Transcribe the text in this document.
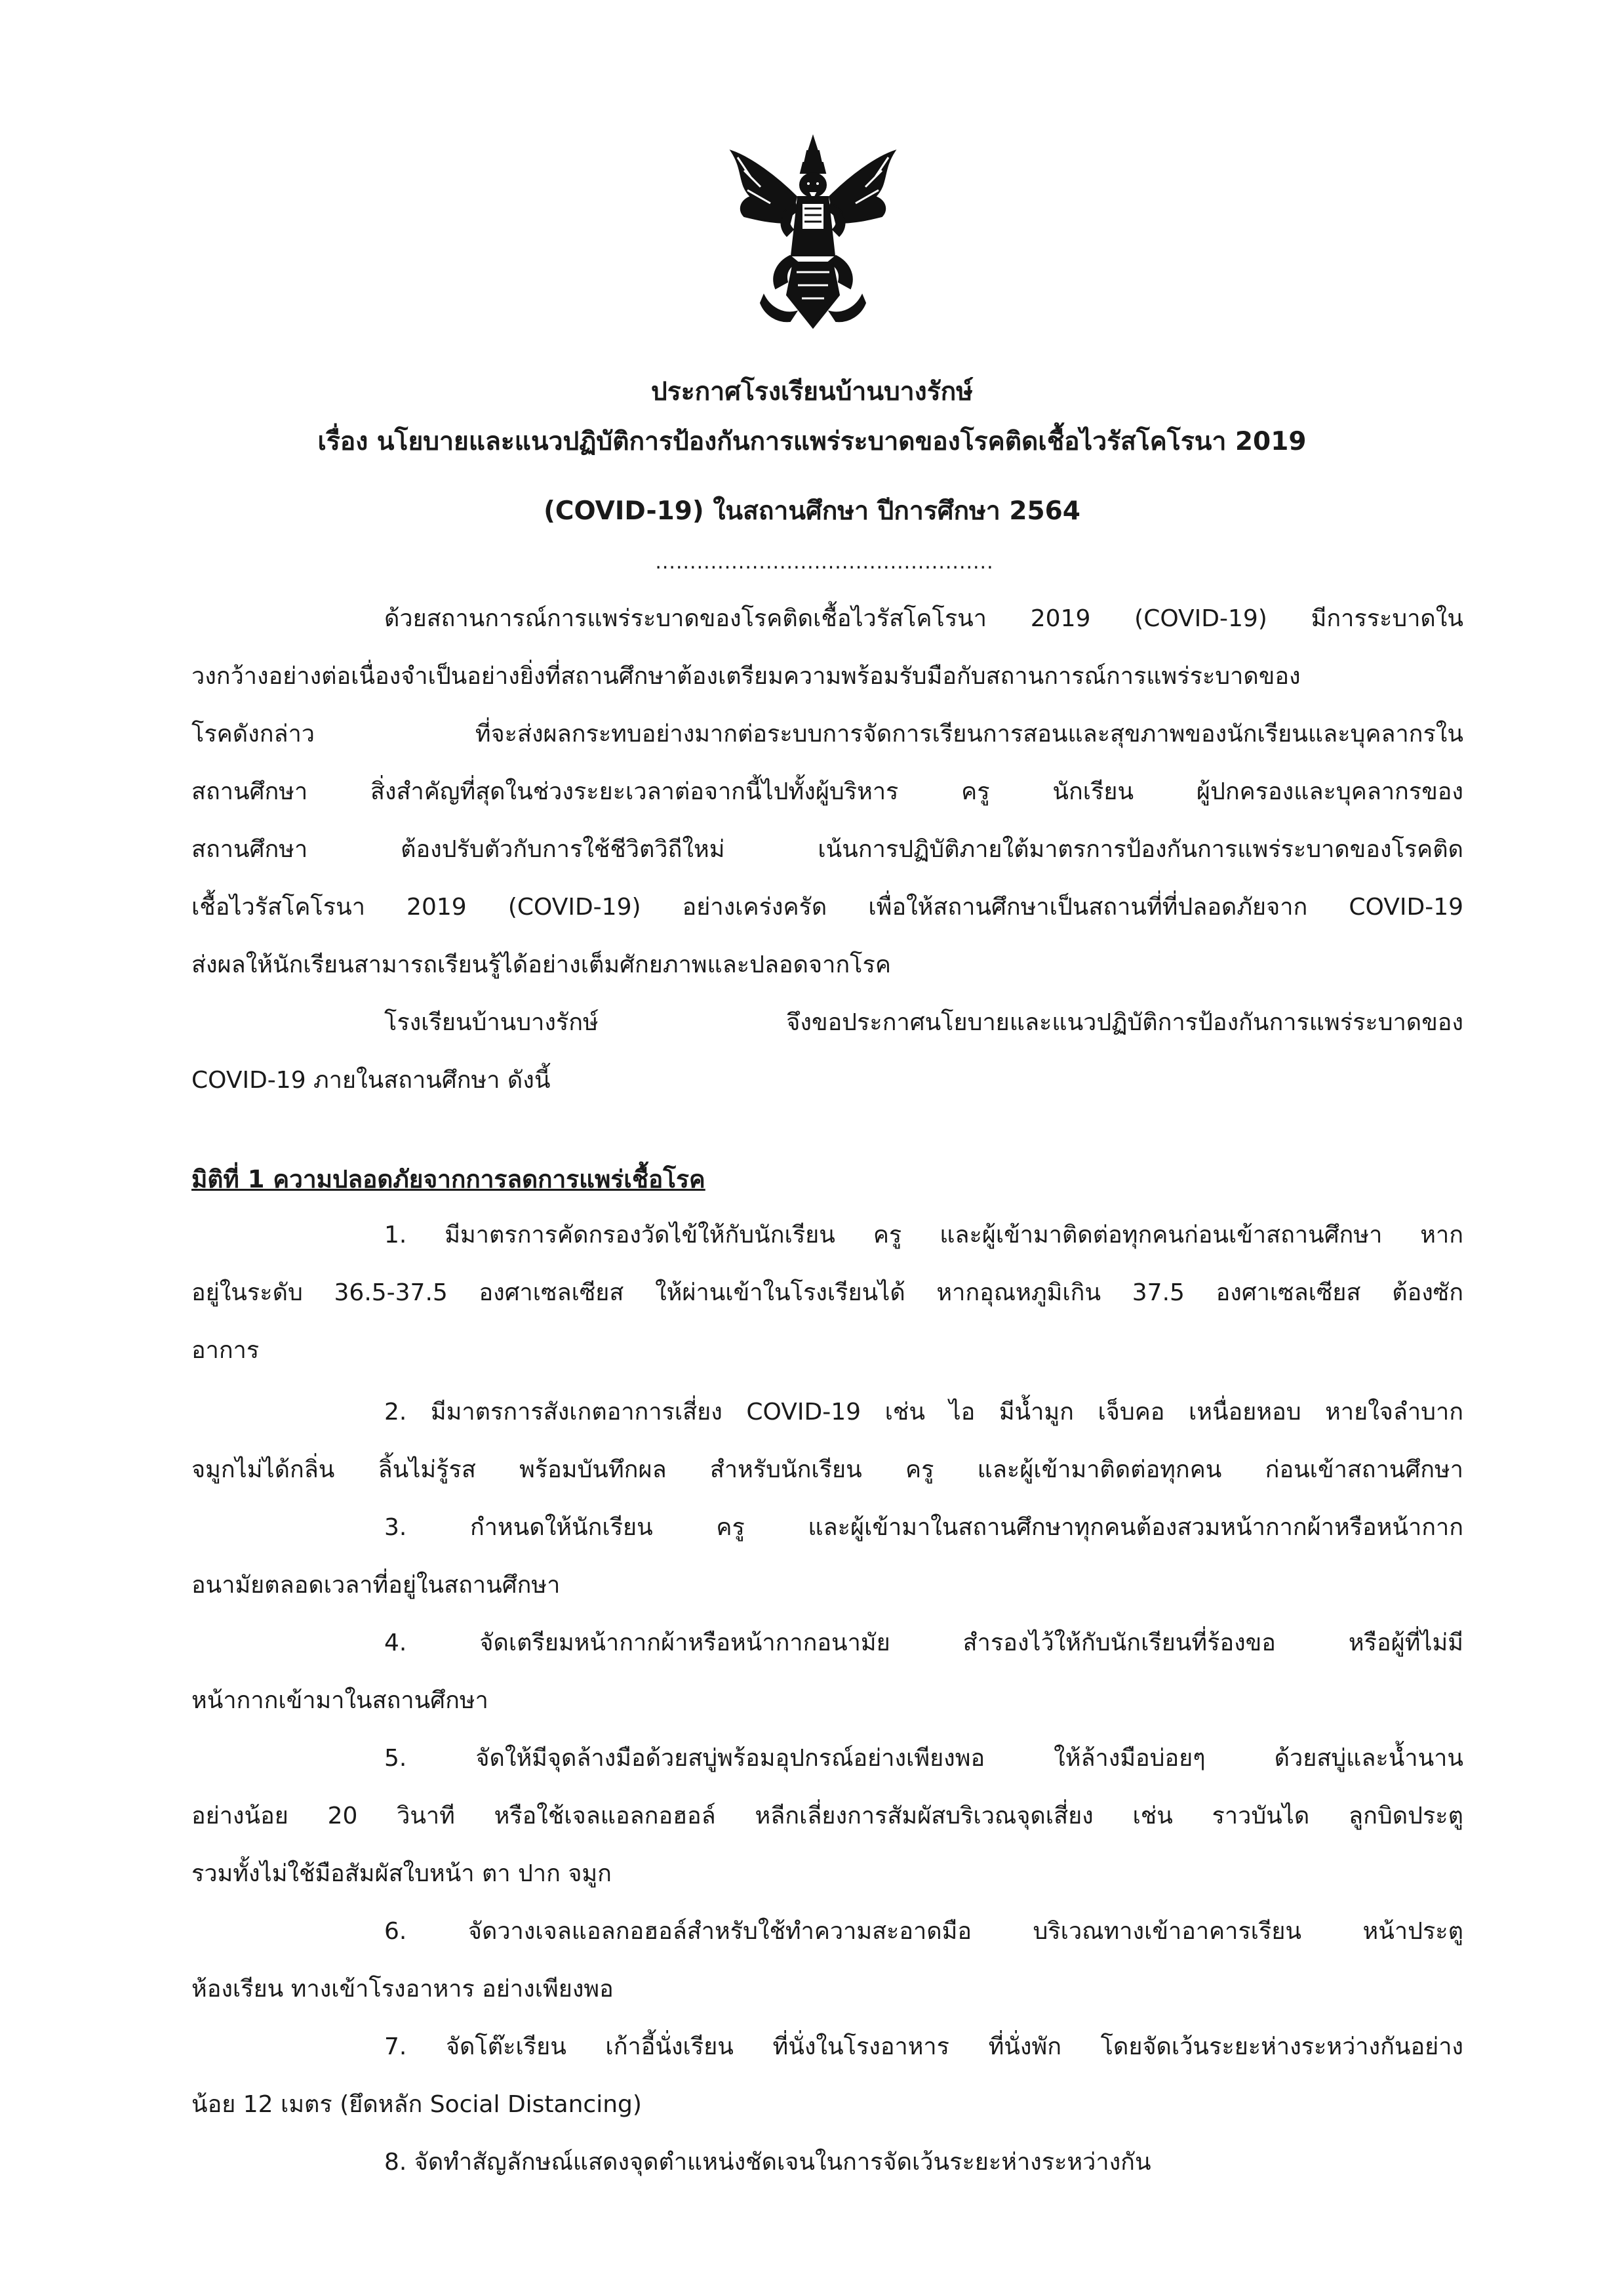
ประกาศโรงเรียนบ้านบางรักษ์
เรื่อง นโยบายและแนวปฏิบัติการป้องกันการแพร่ระบาดของโรคติดเชื้อไวรัสโคโรนา 2019
(COVID-19) ในสถานศึกษา ปีการศึกษา 2564
.................................................
ด้วยสถานการณ์การแพร่ระบาดของโรคติดเชื้อไวรัสโคโรนา 2019 (COVID-19) มีการระบาดใน
วงกว้างอย่างต่อเนื่องจำเป็นอย่างยิ่งที่สถานศึกษาต้องเตรียมความพร้อมรับมือกับสถานการณ์การแพร่ระบาดของ
โรคดังกล่าว ที่จะส่งผลกระทบอย่างมากต่อระบบการจัดการเรียนการสอนและสุขภาพของนักเรียนและบุคลากรใน
สถานศึกษา สิ่งสำคัญที่สุดในช่วงระยะเวลาต่อจากนี้ไปทั้งผู้บริหาร ครู นักเรียน ผู้ปกครองและบุคลากรของ
สถานศึกษา ต้องปรับตัวกับการใช้ชีวิตวิถีใหม่ เน้นการปฏิบัติภายใต้มาตรการป้องกันการแพร่ระบาดของโรคติด
เชื้อไวรัสโคโรนา 2019 (COVID-19) อย่างเคร่งครัด เพื่อให้สถานศึกษาเป็นสถานที่ที่ปลอดภัยจาก COVID-19
ส่งผลให้นักเรียนสามารถเรียนรู้ได้อย่างเต็มศักยภาพและปลอดจากโรค
โรงเรียนบ้านบางรักษ์ จึงขอประกาศนโยบายและแนวปฏิบัติการป้องกันการแพร่ระบาดของ
COVID-19 ภายในสถานศึกษา ดังนี้
มิติที่ 1 ความปลอดภัยจากการลดการแพร่เชื้อโรค
1. มีมาตรการคัดกรองวัดไข้ให้กับนักเรียน ครู และผู้เข้ามาติดต่อทุกคนก่อนเข้าสถานศึกษา หาก
อยู่ในระดับ 36.5-37.5 องศาเซลเซียส ให้ผ่านเข้าในโรงเรียนได้ หากอุณหภูมิเกิน 37.5 องศาเซลเซียส ต้องซัก
อาการ
2. มีมาตรการสังเกตอาการเสี่ยง COVID-19 เช่น ไอ มีน้ำมูก เจ็บคอ เหนื่อยหอบ หายใจลำบาก
จมูกไม่ได้กลิ่น ลิ้นไม่รู้รส พร้อมบันทึกผล สำหรับนักเรียน ครู และผู้เข้ามาติดต่อทุกคน ก่อนเข้าสถานศึกษา
3. กำหนดให้นักเรียน ครู และผู้เข้ามาในสถานศึกษาทุกคนต้องสวมหน้ากากผ้าหรือหน้ากาก
อนามัยตลอดเวลาที่อยู่ในสถานศึกษา
4. จัดเตรียมหน้ากากผ้าหรือหน้ากากอนามัย สำรองไว้ให้กับนักเรียนที่ร้องขอ หรือผู้ที่ไม่มี
หน้ากากเข้ามาในสถานศึกษา
5. จัดให้มีจุดล้างมือด้วยสบู่พร้อมอุปกรณ์อย่างเพียงพอ ให้ล้างมือบ่อยๆ ด้วยสบู่และน้ำนาน
อย่างน้อย 20 วินาที หรือใช้เจลแอลกอฮอล์ หลีกเลี่ยงการสัมผัสบริเวณจุดเสี่ยง เช่น ราวบันได ลูกบิดประตู
รวมทั้งไม่ใช้มือสัมผัสใบหน้า ตา ปาก จมูก
6. จัดวางเจลแอลกอฮอล์สำหรับใช้ทำความสะอาดมือ บริเวณทางเข้าอาคารเรียน หน้าประตู
ห้องเรียน ทางเข้าโรงอาหาร อย่างเพียงพอ
7. จัดโต๊ะเรียน เก้าอี้นั่งเรียน ที่นั่งในโรงอาหาร ที่นั่งพัก โดยจัดเว้นระยะห่างระหว่างกันอย่าง
น้อย 12 เมตร (ยึดหลัก Social Distancing)
8. จัดทำสัญลักษณ์แสดงจุดตำแหน่งชัดเจนในการจัดเว้นระยะห่างระหว่างกัน
